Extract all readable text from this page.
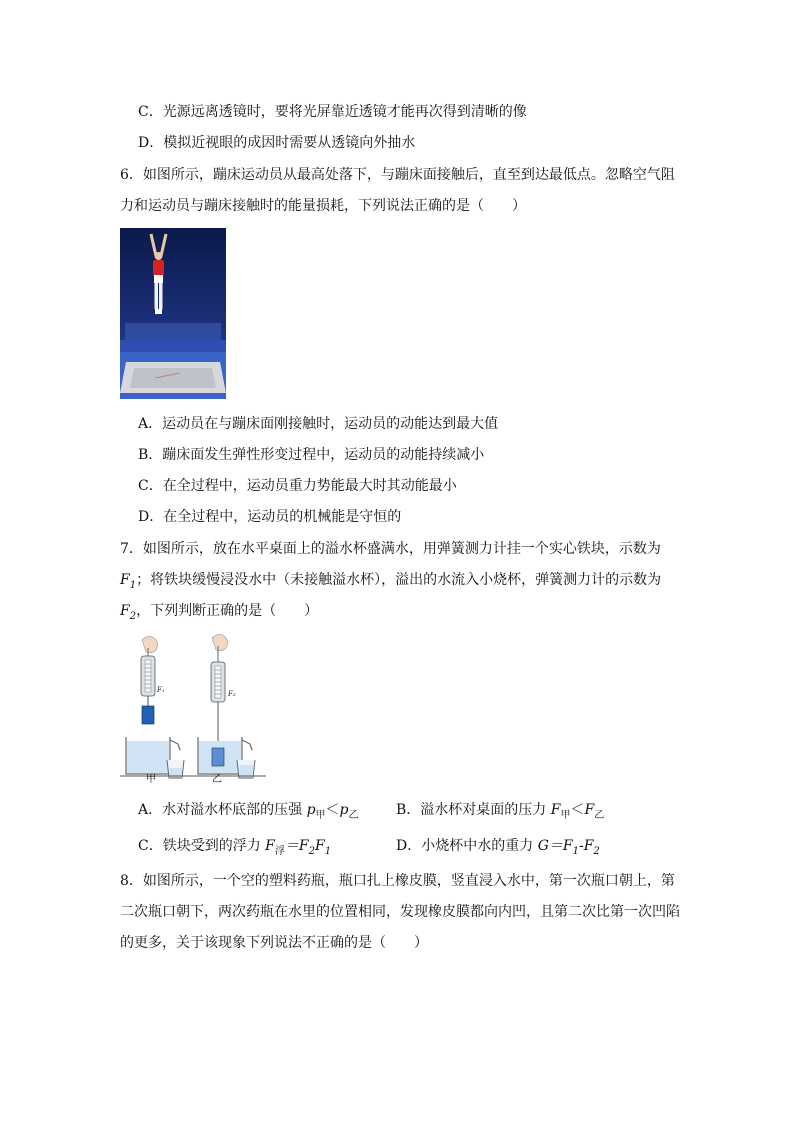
C．光源远离透镜时，要将光屏靠近透镜才能再次得到清晰的像
D．模拟近视眼的成因时需要从透镜向外抽水
6．如图所示，蹦床运动员从最高处落下，与蹦床面接触后，直至到达最低点。忽略空气阻
力和运动员与蹦床接触时的能量损耗，下列说法正确的是（　　）
A．运动员在与蹦床面刚接触时，运动员的动能达到最大值
B．蹦床面发生弹性形变过程中，运动员的动能持续减小
C．在全过程中，运动员重力势能最大时其动能最小
D．在全过程中，运动员的机械能是守恒的
7．如图所示，放在水平桌面上的溢水杯盛满水，用弹簧测力计挂一个实心铁块，示数为
$F_1$；将铁块缓慢浸没水中（未接触溢水杯），溢出的水流入小烧杯，弹簧测力计的示数为
$F_2$，下列判断正确的是（　　）
F₁	F₂
甲	乙
A．水对溢水杯底部的压强 $p_甲<p_乙$	B．溢水杯对桌面的压力 $F_甲<F_乙$
C．铁块受到的浮力 $F_浮=F_2F_1$	D．小烧杯中水的重力 $G=F_1-F_2$
8．如图所示，一个空的塑料药瓶，瓶口扎上橡皮膜，竖直浸入水中，第一次瓶口朝上，第
二次瓶口朝下，两次药瓶在水里的位置相同，发现橡皮膜都向内凹，且第二次比第一次凹陷
的更多，关于该现象下列说法不正确的是（　　）
